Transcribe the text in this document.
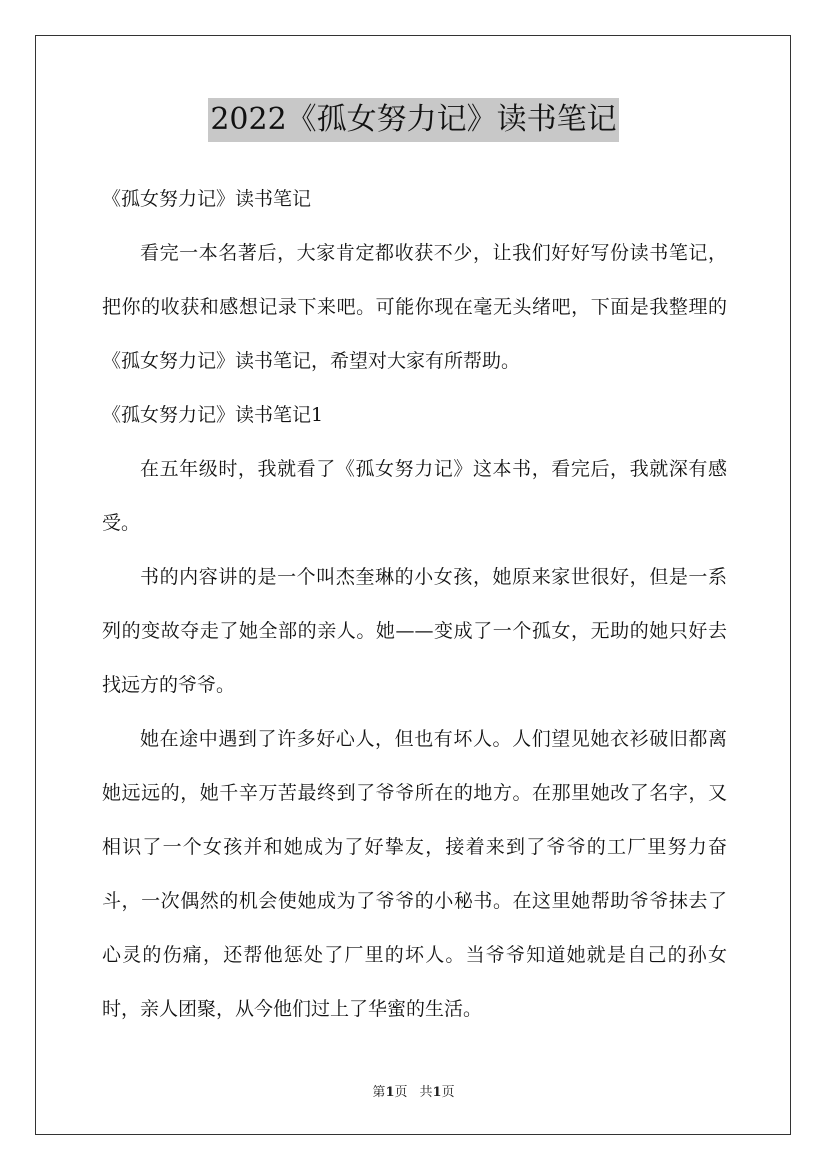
2022《孤女努力记》读书笔记

《孤女努力记》读书笔记

看完一本名著后，大家肯定都收获不少，让我们好好写份读书笔记，把你的收获和感想记录下来吧。可能你现在毫无头绪吧，下面是我整理的《孤女努力记》读书笔记，希望对大家有所帮助。

《孤女努力记》读书笔记1

在五年级时，我就看了《孤女努力记》这本书，看完后，我就深有感受。

书的内容讲的是一个叫杰奎琳的小女孩，她原来家世很好，但是一系列的变故夺走了她全部的亲人。她——变成了一个孤女，无助的她只好去找远方的爷爷。

她在途中遇到了许多好心人，但也有坏人。人们望见她衣衫破旧都离她远远的，她千辛万苦最终到了爷爷所在的地方。在那里她改了名字，又相识了一个女孩并和她成为了好挚友，接着来到了爷爷的工厂里努力奋斗，一次偶然的机会使她成为了爷爷的小秘书。在这里她帮助爷爷抹去了心灵的伤痛，还帮他惩处了厂里的坏人。当爷爷知道她就是自己的孙女时，亲人团聚，从今他们过上了华蜜的生活。

第1页 共1页
